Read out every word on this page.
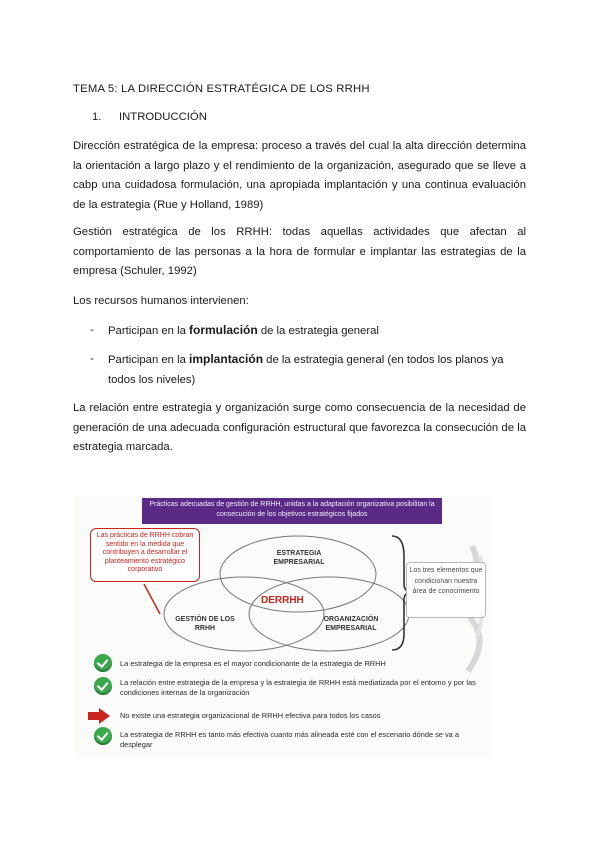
TEMA 5: LA DIRECCIÓN ESTRATÉGICA DE LOS RRHH
1. INTRODUCCIÓN
Dirección estratégica de la empresa: proceso a través del cual la alta dirección determina la orientación a largo plazo y el rendimiento de la organización, asegurado que se lleve a cabp una cuidadosa formulación, una apropiada implantación y una continua evaluación de la estrategia (Rue y Holland, 1989)
Gestión estratégica de los RRHH: todas aquellas actividades que afectan al comportamiento de las personas a la hora de formular e implantar las estrategias de la empresa (Schuler, 1992)
Los recursos humanos intervienen:
- Participan en la formulación de la estrategia general
- Participan en la implantación de la estrategia general (en todos los planos ya todos los niveles)
La relación entre estrategia y organización surge como consecuencia de la necesidad de generación de una adecuada configuración estructural que favorezca la consecución de la estrategia marcada.
Prácticas adecuadas de gestión de RRHH, unidas a la adaptación organizativa posibilitan la consecución de los objetivos estratégicos fijados
Las prácticas de RRHH cobran sentido en la medida que contribuyen a desarrollar el planteamiento estratégico corporativo	Los tres elementos que condicionan nuestra área de conocimiento
ESTRATEGIA EMPRESARIAL
GESTIÓN DE LOS RRHH
ORGANIZACIÓN EMPRESARIAL
DERRHH
La estrategia de la empresa es el mayor condicionante de la estrategia de RRHH
La relación entre estrategia de la empresa y la estrategia de RRHH está mediatizada por el entorno y por las condiciones internas de la organización
No existe una estrategia organizacional de RRHH efectiva para todos los casos
La estrategia de RRHH es tanto más efectiva cuanto más alineada esté con el escenario dónde se va a desplegar
